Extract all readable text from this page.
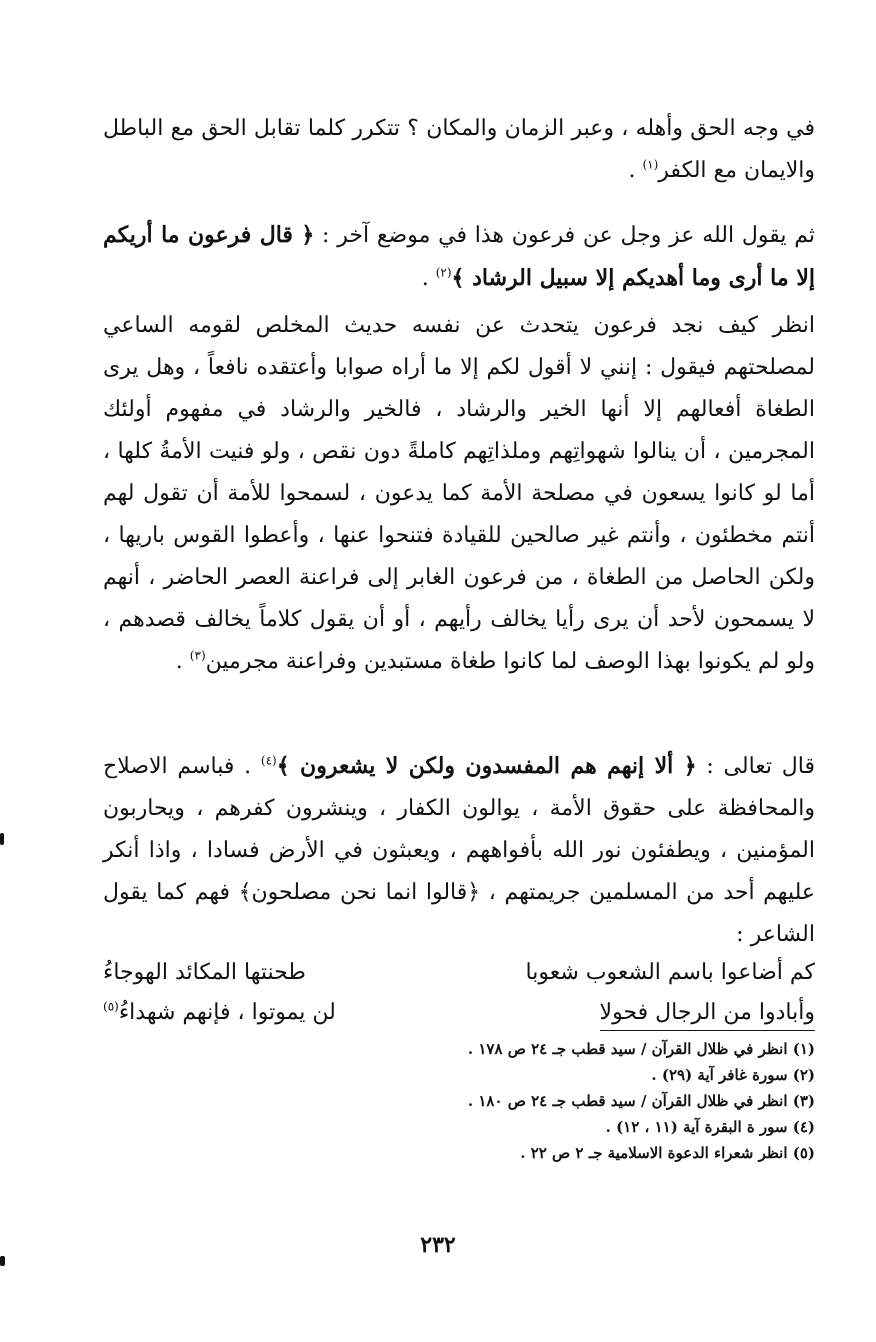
في وجه الحق وأهله ، وعبر الزمان والمكان ؟ تتكرر كلما تقابل الحق مع الباطل والايمان مع الكفر$^{(١)}$ .

ثم يقول الله عز وجل عن فرعون هذا في موضع آخر : ﴿ قال فرعون ما أريكم إلا ما أرى وما أهديكم إلا سبيل الرشاد ﴾$^{(٢)}$ .

انظر كيف نجد فرعون يتحدث عن نفسه حديث المخلص لقومه الساعي لمصلحتهم فيقول : إنني لا أقول لكم إلا ما أراه صوابا وأعتقده نافعاً ، وهل يرى الطغاة أفعالهم إلا أنها الخير والرشاد ، فالخير والرشاد في مفهوم أولئك المجرمين ، أن ينالوا شهواتِهم وملذاتِهم كاملةً دون نقص ، ولو فنيت الأمةُ كلها ، أما لو كانوا يسعون في مصلحة الأمة كما يدعون ، لسمحوا للأمة أن تقول لهم أنتم مخطئون ، وأنتم غير صالحين للقيادة فتنحوا عنها ، وأعطوا القوس باريها ، ولكن الحاصل من الطغاة ، من فرعون الغابر إلى فراعنة العصر الحاضر ، أنهم لا يسمحون لأحد أن يرى رأيا يخالف رأيهم ، أو أن يقول كلاماً يخالف قصدهم ، ولو لم يكونوا بهذا الوصف لما كانوا طغاة مستبدين وفراعنة مجرمين$^{(٣)}$ .

قال تعالى : ﴿ ألا إنهم هم المفسدون ولكن لا يشعرون ﴾$^{(٤)}$ . فباسم الاصلاح والمحافظة على حقوق الأمة ، يوالون الكفار ، وينشرون كفرهم ، ويحاربون المؤمنين ، ويطفئون نور الله بأفواههم ، ويعبثون في الأرض فسادا ، واذا أنكر عليهم أحد من المسلمين جريمتهم ، ﴿قالوا انما نحن مصلحون﴾ فهم كما يقول الشاعر :

كم أضاعوا باسم الشعوب شعوبا
طحنتها المكائد الهوجاءُ
وأبادوا من الرجال فحولا
لن يموتوا ، فإنهم شهداءُ$^{(٥)}$

(١) انظر في ظلال القرآن / سيد قطب جـ ٢٤ ص ١٧٨ .

(٢) سورة غافر آية (٢٩) .

(٣) انظر في ظلال القرآن / سيد قطب جـ ٢٤ ص ١٨٠ .

(٤) سور ة البقرة آية (١١ ، ١٢) .

(٥) انظر شعراء الدعوة الاسلامية جـ ٢ ص ٢٢ .

٢٣٢
